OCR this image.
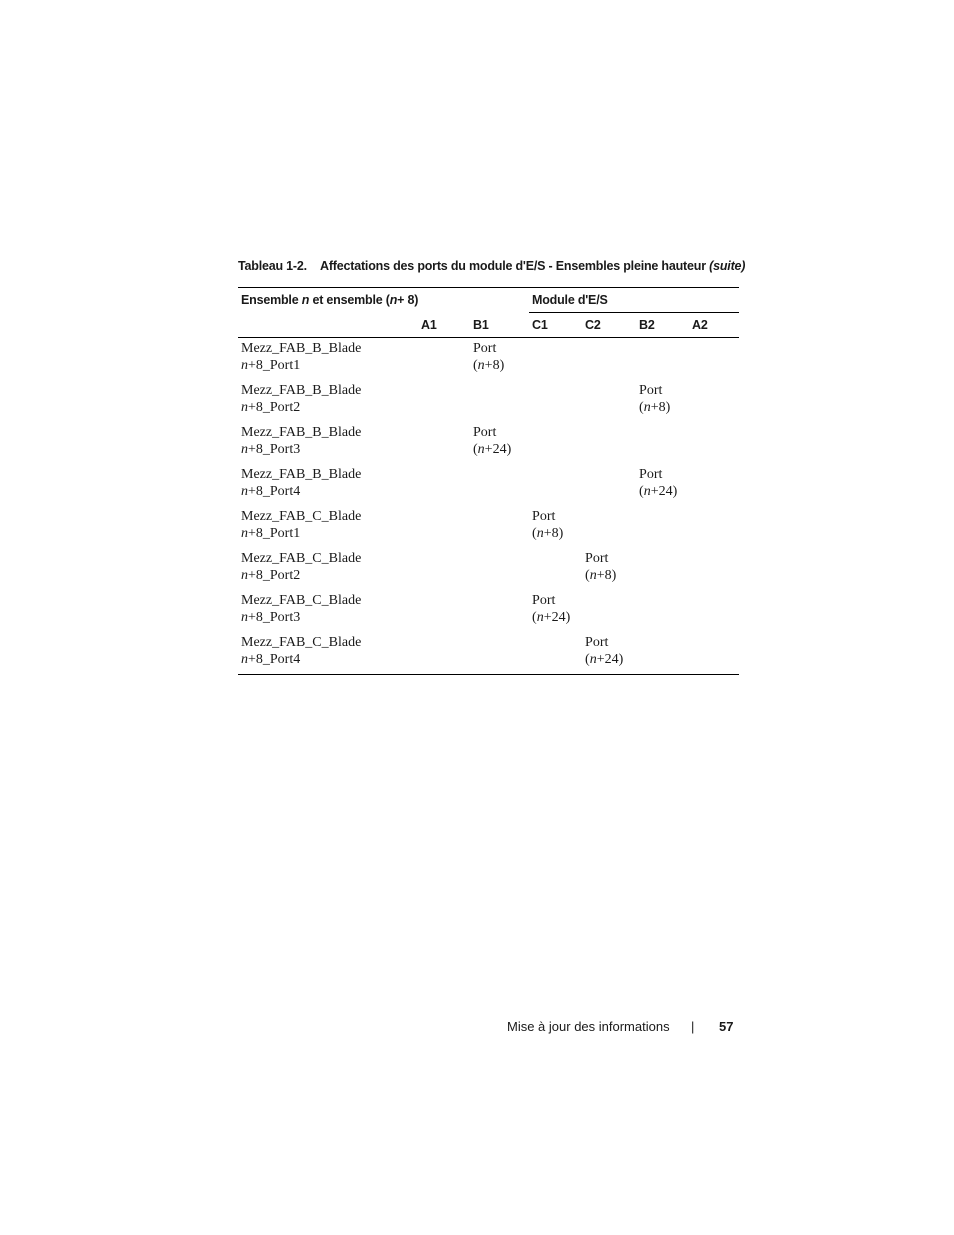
Tableau 1-2. Affectations des ports du module d'E/S - Ensembles pleine hauteur (suite)
Ensemble n et ensemble (n+ 8)			Module d'E/S			
	A1	B1	C1	C2	B2	A2

Mezz_FAB_B_Blade
n+8_Port1		Port
(n+8)				

Mezz_FAB_B_Blade
n+8_Port2					Port
(n+8)	

Mezz_FAB_B_Blade
n+8_Port3		Port
(n+24)				

Mezz_FAB_B_Blade
n+8_Port4					Port
(n+24)	

Mezz_FAB_C_Blade
n+8_Port1			Port
(n+8)			

Mezz_FAB_C_Blade
n+8_Port2				Port
(n+8)		

Mezz_FAB_C_Blade
n+8_Port3			Port
(n+24)			

Mezz_FAB_C_Blade
n+8_Port4				Port
(n+24)		

Mise à jour des informations | 57
